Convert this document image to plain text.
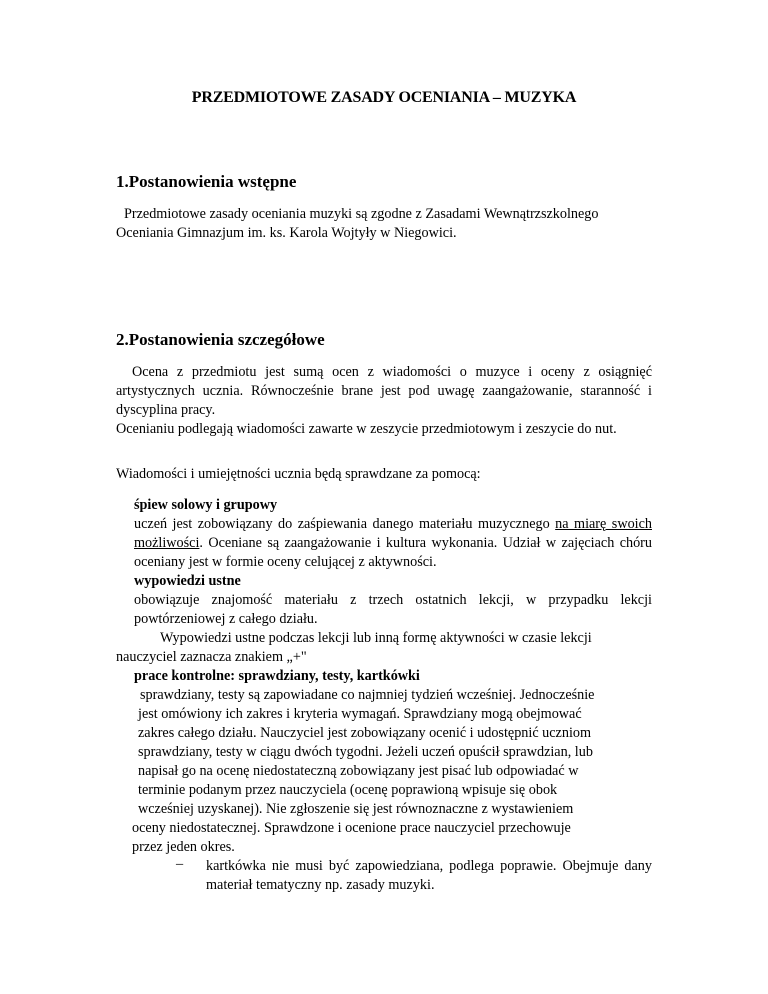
PRZEDMIOTOWE ZASADY OCENIANIA – MUZYKA
1.Postanowienia wstępne
Przedmiotowe zasady oceniania muzyki są zgodne z Zasadami Wewnątrzszkolnego
Oceniania Gimnazjum im. ks. Karola Wojtyły w Niegowici.
2.Postanowienia szczegółowe
Ocena z przedmiotu jest sumą ocen z wiadomości o muzyce i oceny z osiągnięć artystycznych ucznia. Równocześnie brane jest pod uwagę zaangażowanie, staranność i dyscyplina pracy.
Ocenianiu podlegają wiadomości zawarte w zeszycie przedmiotowym i zeszycie do nut.
Wiadomości i umiejętności ucznia będą sprawdzane za pomocą:
śpiew solowy i grupowy
uczeń jest zobowiązany do zaśpiewania danego materiału muzycznego na miarę swoich możliwości. Oceniane są zaangażowanie i kultura wykonania. Udział w zajęciach chóru oceniany jest w formie oceny celującej z aktywności.
wypowiedzi ustne
obowiązuje znajomość materiału z trzech ostatnich lekcji, w przypadku lekcji powtórzeniowej z całego działu.
Wypowiedzi ustne podczas lekcji lub inną formę aktywności w czasie lekcji
nauczyciel zaznacza znakiem „+"
prace kontrolne: sprawdziany, testy, kartkówki
sprawdziany, testy są zapowiadane co najmniej tydzień wcześniej. Jednocześnie
jest omówiony ich zakres i kryteria wymagań. Sprawdziany mogą obejmować
zakres całego działu. Nauczyciel jest zobowiązany ocenić i udostępnić uczniom
sprawdziany, testy w ciągu dwóch tygodni. Jeżeli uczeń opuścił sprawdzian, lub
napisał go na ocenę niedostateczną zobowiązany jest pisać lub odpowiadać w
terminie podanym przez nauczyciela (ocenę poprawioną wpisuje się obok
wcześniej uzyskanej). Nie zgłoszenie się jest równoznaczne z wystawieniem
oceny niedostatecznej. Sprawdzone i ocenione prace nauczyciel przechowuje
przez jeden okres.
– kartkówka nie musi być zapowiedziana, podlega poprawie. Obejmuje dany materiał tematyczny np. zasady muzyki.
